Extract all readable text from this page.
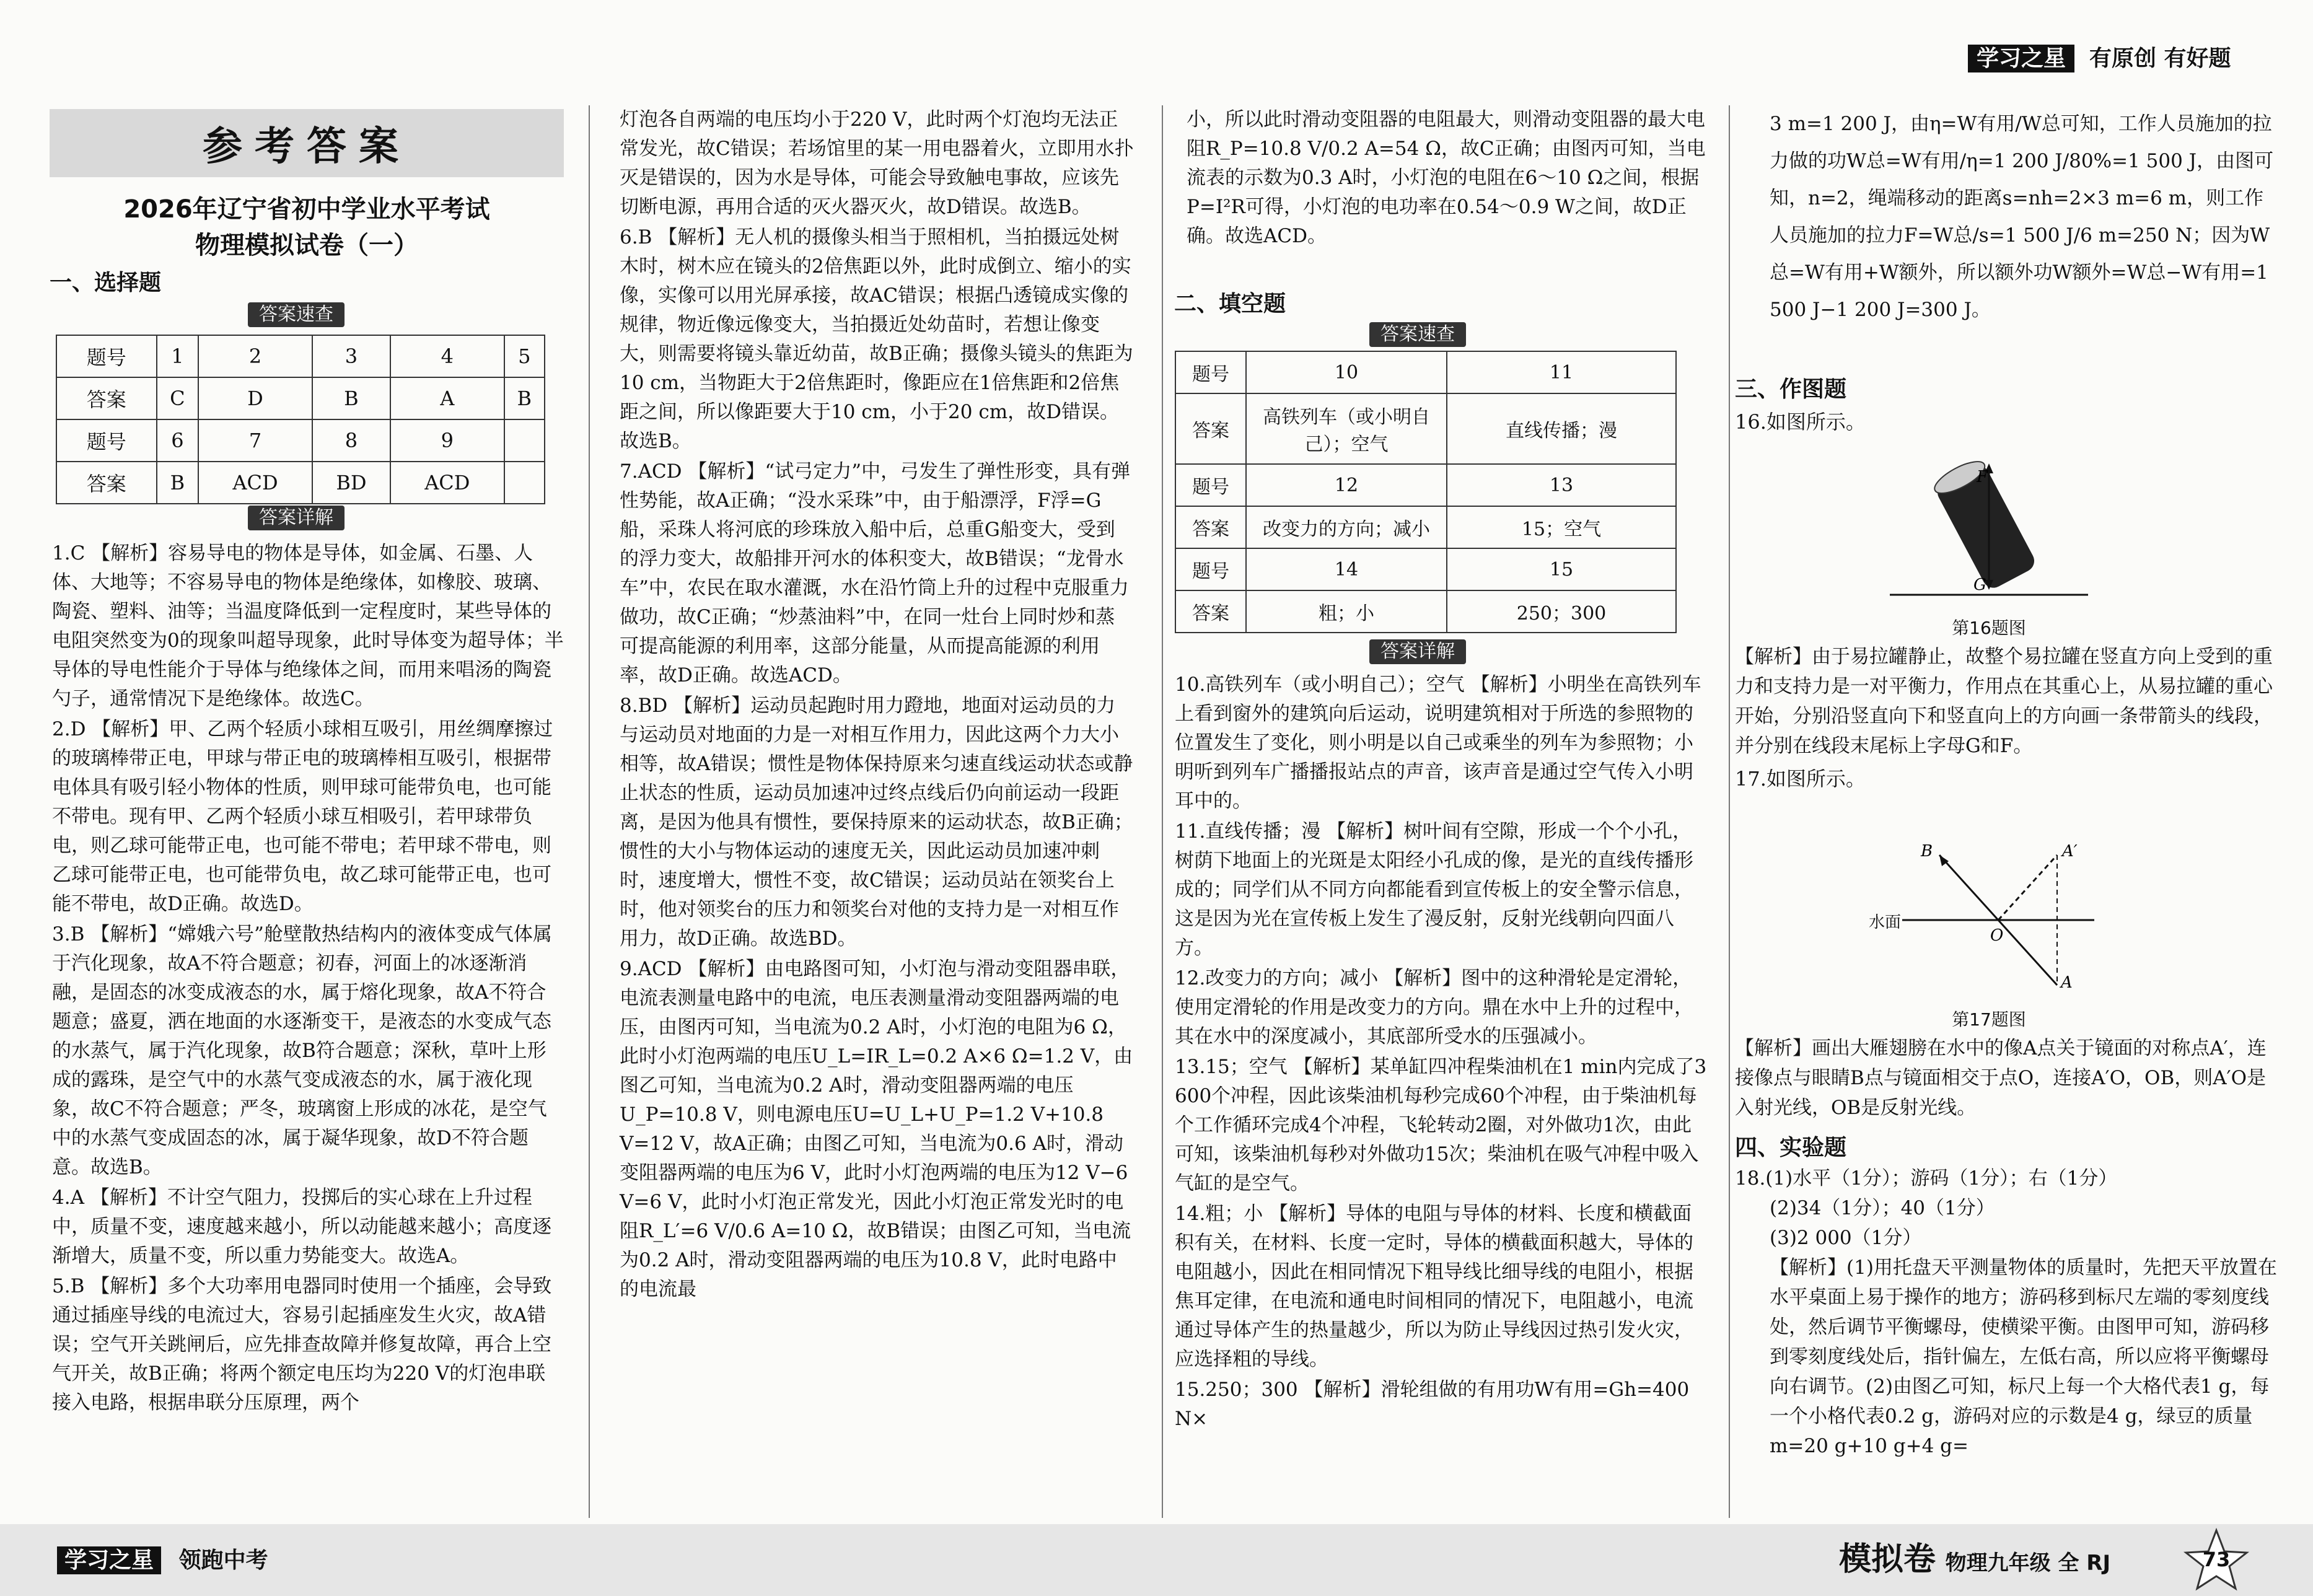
学习之星	有原创 有好题
参考答案
2026年辽宁省初中学业水平考试
物理模拟试卷（一）
一、选择题
答案速查
题号	1	2	3	4	5
答案	C	D	B	A	B
题号	6	7	8	9	
答案	B	ACD	BD	ACD	
答案详解

1.C 【解析】容易导电的物体是导体，如金属、石墨、人体、大地等；不容易导电的物体是绝缘体，如橡胶、玻璃、陶瓷、塑料、油等；当温度降低到一定程度时，某些导体的电阻突然变为0的现象叫超导现象，此时导体变为超导体；半导体的导电性能介于导体与绝缘体之间，而用来唱汤的陶瓷勺子，通常情况下是绝缘体。故选C。

2.D 【解析】甲、乙两个轻质小球相互吸引，用丝绸摩擦过的玻璃棒带正电，甲球与带正电的玻璃棒相互吸引，根据带电体具有吸引轻小物体的性质，则甲球可能带负电，也可能不带电。现有甲、乙两个轻质小球互相吸引，若甲球带负电，则乙球可能带正电，也可能不带电；若甲球不带电，则乙球可能带正电，也可能带负电，故乙球可能带正电，也可能不带电，故D正确。故选D。

3.B 【解析】“嫦娥六号”舱壁散热结构内的液体变成气体属于汽化现象，故A不符合题意；初春，河面上的冰逐渐消融，是固态的冰变成液态的水，属于熔化现象，故A不符合题意；盛夏，洒在地面的水逐渐变干，是液态的水变成气态的水蒸气，属于汽化现象，故B符合题意；深秋，草叶上形成的露珠，是空气中的水蒸气变成液态的水，属于液化现象，故C不符合题意；严冬，玻璃窗上形成的冰花，是空气中的水蒸气变成固态的冰，属于凝华现象，故D不符合题意。故选B。

4.A 【解析】不计空气阻力，投掷后的实心球在上升过程中，质量不变，速度越来越小，所以动能越来越小；高度逐渐增大，质量不变，所以重力势能变大。故选A。

5.B 【解析】多个大功率用电器同时使用一个插座，会导致通过插座导线的电流过大，容易引起插座发生火灾，故A错误；空气开关跳闸后，应先排查故障并修复故障，再合上空气开关，故B正确；将两个额定电压均为220 V的灯泡串联接入电路，根据串联分压原理，两个

灯泡各自两端的电压均小于220 V，此时两个灯泡均无法正常发光，故C错误；若场馆里的某一用电器着火，立即用水扑灭是错误的，因为水是导体，可能会导致触电事故，应该先切断电源，再用合适的灭火器灭火，故D错误。故选B。

6.B 【解析】无人机的摄像头相当于照相机，当拍摄远处树木时，树木应在镜头的2倍焦距以外，此时成倒立、缩小的实像，实像可以用光屏承接，故AC错误；根据凸透镜成实像的规律，物近像远像变大，当拍摄近处幼苗时，若想让像变大，则需要将镜头靠近幼苗，故B正确；摄像头镜头的焦距为10 cm，当物距大于2倍焦距时，像距应在1倍焦距和2倍焦距之间，所以像距要大于10 cm，小于20 cm，故D错误。故选B。

7.ACD 【解析】“试弓定力”中，弓发生了弹性形变，具有弹性势能，故A正确；“没水采珠”中，由于船漂浮，F浮=G船，采珠人将河底的珍珠放入船中后，总重G船变大，受到的浮力变大，故船排开河水的体积变大，故B错误；“龙骨水车”中，农民在取水灌溉，水在沿竹筒上升的过程中克服重力做功，故C正确；“炒蒸油料”中，在同一灶台上同时炒和蒸可提高能源的利用率，这部分能量，从而提高能源的利用率，故D正确。故选ACD。

8.BD 【解析】运动员起跑时用力蹬地，地面对运动员的力与运动员对地面的力是一对相互作用力，因此这两个力大小相等，故A错误；惯性是物体保持原来匀速直线运动状态或静止状态的性质，运动员加速冲过终点线后仍向前运动一段距离，是因为他具有惯性，要保持原来的运动状态，故B正确；惯性的大小与物体运动的速度无关，因此运动员加速冲刺时，速度增大，惯性不变，故C错误；运动员站在领奖台上时，他对领奖台的压力和领奖台对他的支持力是一对相互作用力，故D正确。故选BD。

9.ACD 【解析】由电路图可知，小灯泡与滑动变阻器串联，电流表测量电路中的电流，电压表测量滑动变阻器两端的电压，由图丙可知，当电流为0.2 A时，小灯泡的电阻为6 Ω，此时小灯泡两端的电压U_L=IR_L=0.2 A×6 Ω=1.2 V，由图乙可知，当电流为0.2 A时，滑动变阻器两端的电压U_P=10.8 V，则电源电压U=U_L+U_P=1.2 V+10.8 V=12 V，故A正确；由图乙可知，当电流为0.6 A时，滑动变阻器两端的电压为6 V，此时小灯泡两端的电压为12 V−6 V=6 V，此时小灯泡正常发光，因此小灯泡正常发光时的电阻R_L′=6 V/0.6 A=10 Ω，故B错误；由图乙可知，当电流为0.2 A时，滑动变阻器两端的电压为10.8 V，此时电路中的电流最

小，所以此时滑动变阻器的电阻最大，则滑动变阻器的最大电阻R_P=10.8 V/0.2 A=54 Ω，故C正确；由图丙可知，当电流表的示数为0.3 A时，小灯泡的电阻在6～10 Ω之间，根据P=I²R可得，小灯泡的电功率在0.54～0.9 W之间，故D正确。故选ACD。

二、填空题
答案速查
题号	10	11
答案	高铁列车（或小明自己）；空气	直线传播；漫
题号	12	13
答案	改变力的方向；减小	15；空气
题号	14	15
答案	粗；小	250；300
答案详解

10.高铁列车（或小明自己）；空气 【解析】小明坐在高铁列车上看到窗外的建筑向后运动，说明建筑相对于所选的参照物的位置发生了变化，则小明是以自己或乘坐的列车为参照物；小明听到列车广播播报站点的声音，该声音是通过空气传入小明耳中的。

11.直线传播；漫 【解析】树叶间有空隙，形成一个个小孔，树荫下地面上的光斑是太阳经小孔成的像，是光的直线传播形成的；同学们从不同方向都能看到宣传板上的安全警示信息，这是因为光在宣传板上发生了漫反射，反射光线朝向四面八方。

12.改变力的方向；减小 【解析】图中的这种滑轮是定滑轮，使用定滑轮的作用是改变力的方向。鼎在水中上升的过程中，其在水中的深度减小，其底部所受水的压强减小。

13.15；空气 【解析】某单缸四冲程柴油机在1 min内完成了3 600个冲程，因此该柴油机每秒完成60个冲程，由于柴油机每个工作循环完成4个冲程，飞轮转动2圈，对外做功1次，由此可知，该柴油机每秒对外做功15次；柴油机在吸气冲程中吸入气缸的是空气。

14.粗；小 【解析】导体的电阻与导体的材料、长度和横截面积有关，在材料、长度一定时，导体的横截面积越大，导体的电阻越小，因此在相同情况下粗导线比细导线的电阻小，根据焦耳定律，在电流和通电时间相同的情况下，电阻越小，电流通过导体产生的热量越少，所以为防止导线因过热引发火灾，应选择粗的导线。

15.250；300 【解析】滑轮组做的有用功W有用=Gh=400 N×

3 m=1 200 J，由η=W有用/W总可知，工作人员施加的拉力做的功W总=W有用/η=1 200 J/80%=1 500 J，由图可知，n=2，绳端移动的距离s=nh=2×3 m=6 m，则工作人员施加的拉力F=W总/s=1 500 J/6 m=250 N；因为W总=W有用+W额外，所以额外功W额外=W总−W有用=1 500 J−1 200 J=300 J。

三、作图题
16.如图所示。
F
G
第16题图
【解析】由于易拉罐静止，故整个易拉罐在竖直方向上受到的重力和支持力是一对平衡力，作用点在其重心上，从易拉罐的重心开始，分别沿竖直向下和竖直向上的方向画一条带箭头的线段，并分别在线段末尾标上字母G和F。
17.如图所示。
B	A′
A
O
水面
第17题图
【解析】画出大雁翅膀在水中的像A点关于镜面的对称点A′，连接像点与眼睛B点与镜面相交于点O，连接A′O，OB，则A′O是入射光线，OB是反射光线。
四、实验题
18.(1)水平（1分）；游码（1分）；右（1分）
(2)34（1分）；40（1分）
(3)2 000（1分）
【解析】(1)用托盘天平测量物体的质量时，先把天平放置在水平桌面上易于操作的地方；游码移到标尺左端的零刻度线处，然后调节平衡螺母，使横梁平衡。由图甲可知，游码移到零刻度线处后，指针偏左，左低右高，所以应将平衡螺母向右调节。(2)由图乙可知，标尺上每一个大格代表1 g，每一个小格代表0.2 g，游码对应的示数是4 g，绿豆的质量m=20 g+10 g+4 g=
学习之星 领跑中考	模拟卷 物理九年级 全 RJ	73
